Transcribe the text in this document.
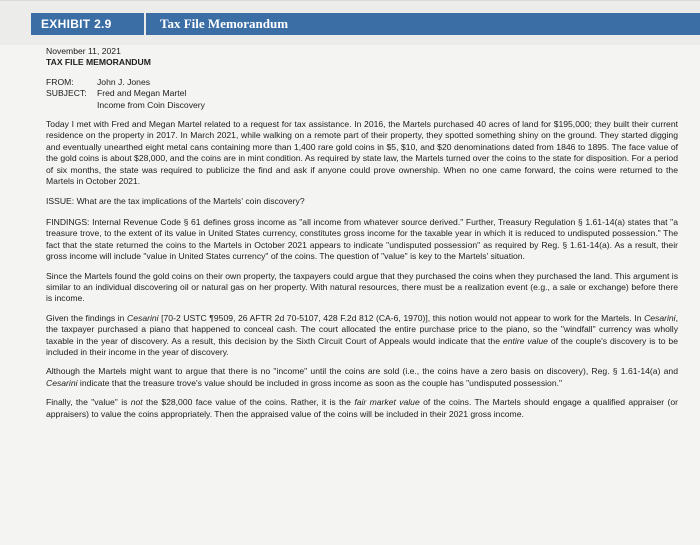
EXHIBIT 2.9	Tax File Memorandum

November 11, 2021

TAX FILE MEMORANDUM

FROM:	John J. Jones
SUBJECT:	Fred and Megan Martel
Income from Coin Discovery

Today I met with Fred and Megan Martel related to a request for tax assistance. In 2016, the Martels purchased 40 acres of land for $195,000; they built their current residence on the property in 2017. In March 2021, while walking on a remote part of their property, they spotted something shiny on the ground. They started digging and eventually unearthed eight metal cans containing more than 1,400 rare gold coins in $5, $10, and $20 denominations dated from 1846 to 1895. The face value of the gold coins is about $28,000, and the coins are in mint condition. As required by state law, the Martels turned over the coins to the state for disposition. For a period of six months, the state was required to publicize the find and ask if anyone could prove ownership. When no one came forward, the coins were returned to the Martels in October 2021.

ISSUE: What are the tax implications of the Martels' coin discovery?

FINDINGS: Internal Revenue Code § 61 defines gross income as "all income from whatever source derived." Further, Treasury Regulation § 1.61-14(a) states that "a treasure trove, to the extent of its value in United States currency, constitutes gross income for the taxable year in which it is reduced to undisputed possession." The fact that the state returned the coins to the Martels in October 2021 appears to indicate "undisputed possession" as required by Reg. § 1.61-14(a). As a result, their gross income will include "value in United States currency" of the coins. The question of "value" is key to the Martels' situation.

Since the Martels found the gold coins on their own property, the taxpayers could argue that they purchased the coins when they purchased the land. This argument is similar to an individual discovering oil or natural gas on her property. With natural resources, there must be a realization event (e.g., a sale or exchange) before there is income.

Given the findings in Cesarini [70-2 USTC ¶9509, 26 AFTR 2d 70-5107, 428 F.2d 812 (CA-6, 1970)], this notion would not appear to work for the Martels. In Cesarini, the taxpayer purchased a piano that happened to conceal cash. The court allocated the entire purchase price to the piano, so the "windfall" currency was wholly taxable in the year of discovery. As a result, this decision by the Sixth Circuit Court of Appeals would indicate that the entire value of the couple's discovery is to be included in their income in the year of discovery.

Although the Martels might want to argue that there is no "income" until the coins are sold (i.e., the coins have a zero basis on discovery), Reg. § 1.61-14(a) and Cesarini indicate that the treasure trove's value should be included in gross income as soon as the couple has "undisputed possession."

Finally, the "value" is not the $28,000 face value of the coins. Rather, it is the fair market value of the coins. The Martels should engage a qualified appraiser (or appraisers) to value the coins appropriately. Then the appraised value of the coins will be included in their 2021 gross income.
